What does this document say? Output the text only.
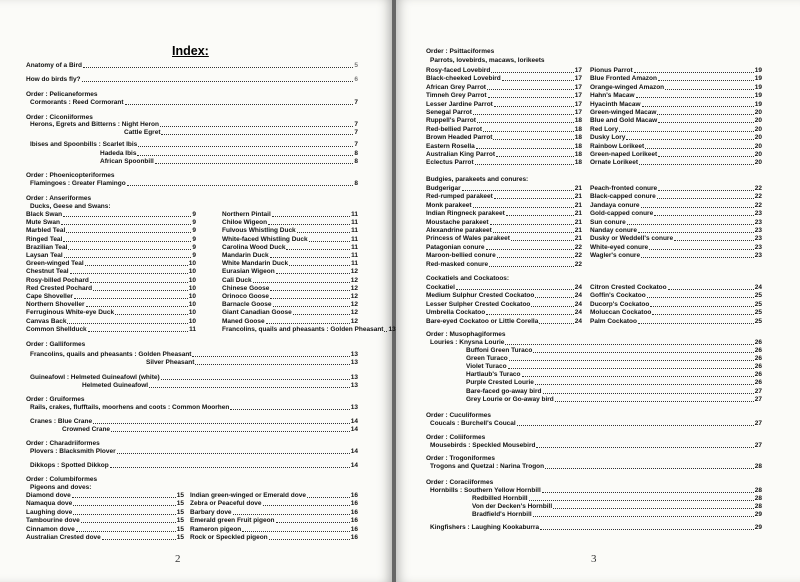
Index:
Anatomy of a Bird	5
How do birds fly?	6
Order : Pelicaneformes
Cormorants : Reed Cormorant	7
Order : Ciconiiformes
Herons, Egrets and Bitterns : Night Heron	7
Cattle Egret	7
Ibises and Spoonbills : Scarlet Ibis	7
Hadeda Ibis	8
African Spoonbill	8
Order : Phoenicopteriformes
Flamingoes : Greater Flamingo	8
Order : Anseriformes
Ducks, Geese and Swans:
Black Swan	9
Mute Swan	9
Marbled Teal	9
Ringed Teal	9
Brazilian Teal	9
Laysan Teal	9
Green-winged Teal	10
Chestnut Teal	10
Rosy-billed Pochard	10
Red Crested Pochard	10
Cape Shoveller	10
Northern Shoveller	10
Ferruginous White-eye Duck	10
Canvas Back	10
Common Shellduck	11
Northern Pintail	11
Chiloe Wigeon	11
Fulvous Whistling Duck	11
White-faced Whistling Duck	11
Carolina Wood Duck	11
Mandarin Duck	11
White Mandarin Duck	11
Eurasian Wigeon	12
Cali Duck	12
Chinese Goose	12
Orinoco Goose	12
Barnacle Goose	12
Giant Canadian Goose	12
Maned Goose	12
Francolins, quails and pheasants : Golden Pheasant 13
Order : Galliformes
Francolins, quails and pheasants : Golden Pheasant	13
Silver Pheasant	13
Guineafowl : Helmeted Guineafowl (white)	13
Helmeted Guineafowl	13
Order : Gruiformes
Rails, crakes, flufftails, moorhens and coots : Common Moorhen	13
Cranes : Blue Crane	14
Crowned Crane	14
Order : Charadriiformes
Plovers : Blacksmith Plover	14
Dikkops : Spotted Dikkop	14
Order : Columbiformes
Pigeons and doves:
Diamond dove	15
Namaqua dove	15
Laughing dove	15
Tambourine dove	15
Cinnamon dove	15
Australian Crested dove	15
Indian green-winged or Emerald dove	16
Zebra or Peaceful dove	16
Barbary dove	16
Emerald green Fruit pigeon	16
Rameron pigeon	16
Rock or Speckled pigeon	16
2
Order : Psittaciformes
Parrots, lovebirds, macaws, lorikeets
Rosy-faced Lovebird	17
Black-cheeked Lovebird	17
African Grey Parrot	17
Timneh Grey Parrot	17
Lesser Jardine Parrot	17
Senegal Parrot	17
Ruppell's Parrot	18
Red-bellied Parrot	18
Brown Headed Parrot	18
Eastern Rosella	18
Australian King Parrot	18
Eclectus Parrot	18
Pionus Parrot	19
Blue Fronted Amazon	19
Orange-winged Amazon	19
Hahn's Macaw	19
Hyacinth Macaw	19
Green-winged Macaw	20
Blue and Gold Macaw	20
Red Lory	20
Dusky Lory	20
Rainbow Lorikeet	20
Green-naped Lorikeet	20
Ornate Lorikeet	20
Budgies, parakeets and conures:
Budgerigar	21
Red-rumped parakeet	21
Monk parakeet	21
Indian Ringneck parakeet	21
Moustache parakeet	21
Alexandrine parakeet	21
Princess of Wales parakeet	21
Patagonian conure	22
Maroon-bellied conure	22
Red-masked conure	22
Peach-fronted conure	22
Black-capped conure	22
Jandaya conure	22
Gold-capped conure	23
Sun conure	23
Nanday conure	23
Dusky or Weddell's conure	23
White-eyed conure	23
Wagler's conure	23
Cockatiels and Cockatoos:
Cockatiel	24
Medium Sulphur Crested Cockatoo	24
Lesser Sulpher Crested Cockatoo	24
Umbrella Cockatoo	24
Bare-eyed Cockatoo or Little Corella	24
Citron Crested Cockatoo	24
Goffin's Cockatoo	25
Ducorp's Cockatoo	25
Moluccan Cockatoo	25
Palm Cockatoo	25
Order : Musophagiformes
Louries : Knysna Lourie	26
Buffoni Green Turaco	26
Green Turaco	26
Violet Turaco	26
Hartlaub's Turaco	26
Purple Crested Lourie	26
Bare-faced go-away bird	27
Grey Lourie or Go-away bird	27
Order : Cuculiformes
Coucals : Burchell's Coucal	27
Order : Coliiformes
Mousebirds : Speckled Mousebird	27
Order : Trogoniformes
Trogons and Quetzal : Narina Trogon	28
Order : Coraciiformes
Hornbills : Southern Yellow Hornbill	28
Redbilled Hornbill	28
Von der Decken's Hornbill	28
Bradfield's Hornbill	29
Kingfishers : Laughing Kookaburra	29
3
